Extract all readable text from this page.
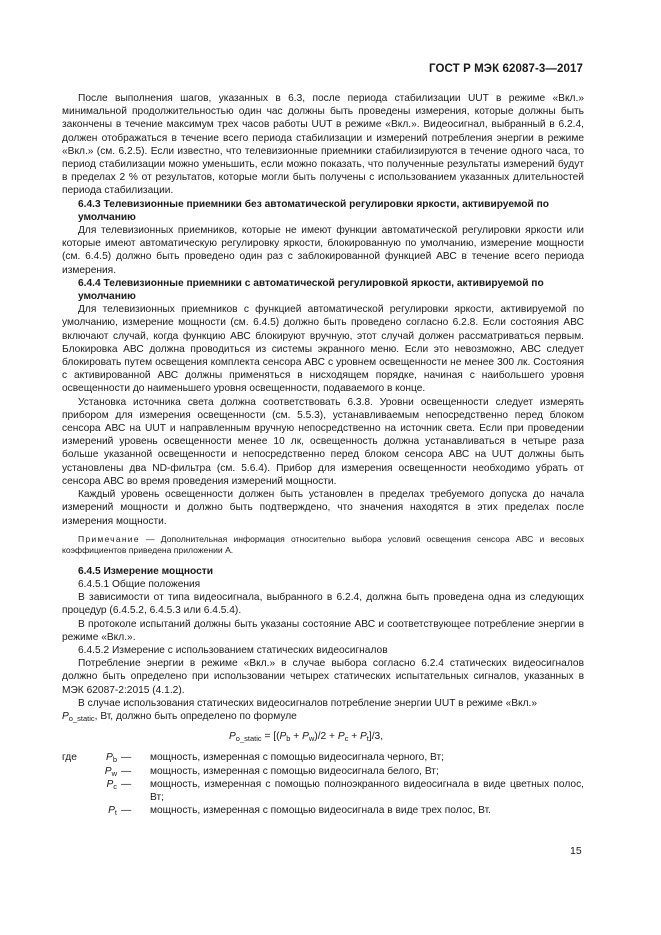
ГОСТ Р МЭК 62087-3—2017

После выполнения шагов, указанных в 6.3, после периода стабилизации UUT в режиме «Вкл.» минимальной продолжительностью один час должны быть проведены измерения, которые должны быть закончены в течение максимум трех часов работы UUT в режиме «Вкл.». Видеосигнал, выбранный в 6.2.4, должен отображаться в течение всего периода стабилизации и измерений потребления энергии в режиме «Вкл.» (см. 6.2.5). Если известно, что телевизионные приемники стабилизируются в течение одного часа, то период стабилизации можно уменьшить, если можно показать, что полученные результаты измерений будут в пределах 2 % от результатов, которые могли быть получены с использованием указанных длительностей периода стабилизации.

6.4.3 Телевизионные приемники без автоматической регулировки яркости, активируемой по умолчанию

Для телевизионных приемников, которые не имеют функции автоматической регулировки яркости или которые имеют автоматическую регулировку яркости, блокированную по умолчанию, измерение мощности (см. 6.4.5) должно быть проведено один раз с заблокированной функцией АВС в течение всего периода измерения.

6.4.4 Телевизионные приемники с автоматической регулировкой яркости, активируемой по умолчанию

Для телевизионных приемников с функцией автоматической регулировки яркости, активируемой по умолчанию, измерение мощности (см. 6.4.5) должно быть проведено согласно 6.2.8. Если состояния АВС включают случай, когда функцию АВС блокируют вручную, этот случай должен рассматриваться первым. Блокировка АВС должна проводиться из системы экранного меню. Если это невозможно, АВС следует блокировать путем освещения комплекта сенсора АВС с уровнем освещенности не менее 300 лк. Состояния с активированной АВС должны применяться в нисходящем порядке, начиная с наибольшего уровня освещенности до наименьшего уровня освещенности, подаваемого в конце.

Установка источника света должна соответствовать 6.3.8. Уровни освещенности следует измерять прибором для измерения освещенности (см. 5.5.3), устанавливаемым непосредственно перед блоком сенсора АВС на UUT и направленным вручную непосредственно на источник света. Если при проведении измерений уровень освещенности менее 10 лк, освещенность должна устанавливаться в четыре раза больше указанной освещенности и непосредственно перед блоком сенсора АВС на UUT должны быть установлены два ND-фильтра (см. 5.6.4). Прибор для измерения освещенности необходимо убрать от сенсора АВС во время проведения измерений мощности.

Каждый уровень освещенности должен быть установлен в пределах требуемого допуска до начала измерений мощности и должно быть подтверждено, что значения находятся в этих пределах после измерения мощности.

Примечание — Дополнительная информация относительно выбора условий освещения сенсора АВС и весовых коэффициентов приведена приложении А.

6.4.5 Измерение мощности

6.4.5.1 Общие положения

В зависимости от типа видеосигнала, выбранного в 6.2.4, должна быть проведена одна из следующих процедур (6.4.5.2, 6.4.5.3 или 6.4.5.4).

В протоколе испытаний должны быть указаны состояние АВС и соответствующее потребление энергии в режиме «Вкл.».

6.4.5.2 Измерение с использованием статических видеосигналов

Потребление энергии в режиме «Вкл.» в случае выбора согласно 6.2.4 статических видеосигналов должно быть определено при использовании четырех статических испытательных сигналов, указанных в МЭК 62087-2:2015 (4.1.2).

В случае использования статических видеосигналов потребление энергии UUT в режиме «Вкл.»
$P_{o\_static}$, Вт, должно быть определено по формуле

$P_{o\_static} = [(P_b + P_w)/2 + P_c + P_t]/3$,
где	$P_b$ — мощность, измеренная с помощью видеосигнала черного, Вт;
$P_w$ — мощность, измеренная с помощью видеосигнала белого, Вт;
$P_c$ — мощность, измеренная с помощью полноэкранного видеосигнала в виде цветных полос, Вт;
$P_t$ — мощность, измеренная с помощью видеосигнала в виде трех полос, Вт.
15
